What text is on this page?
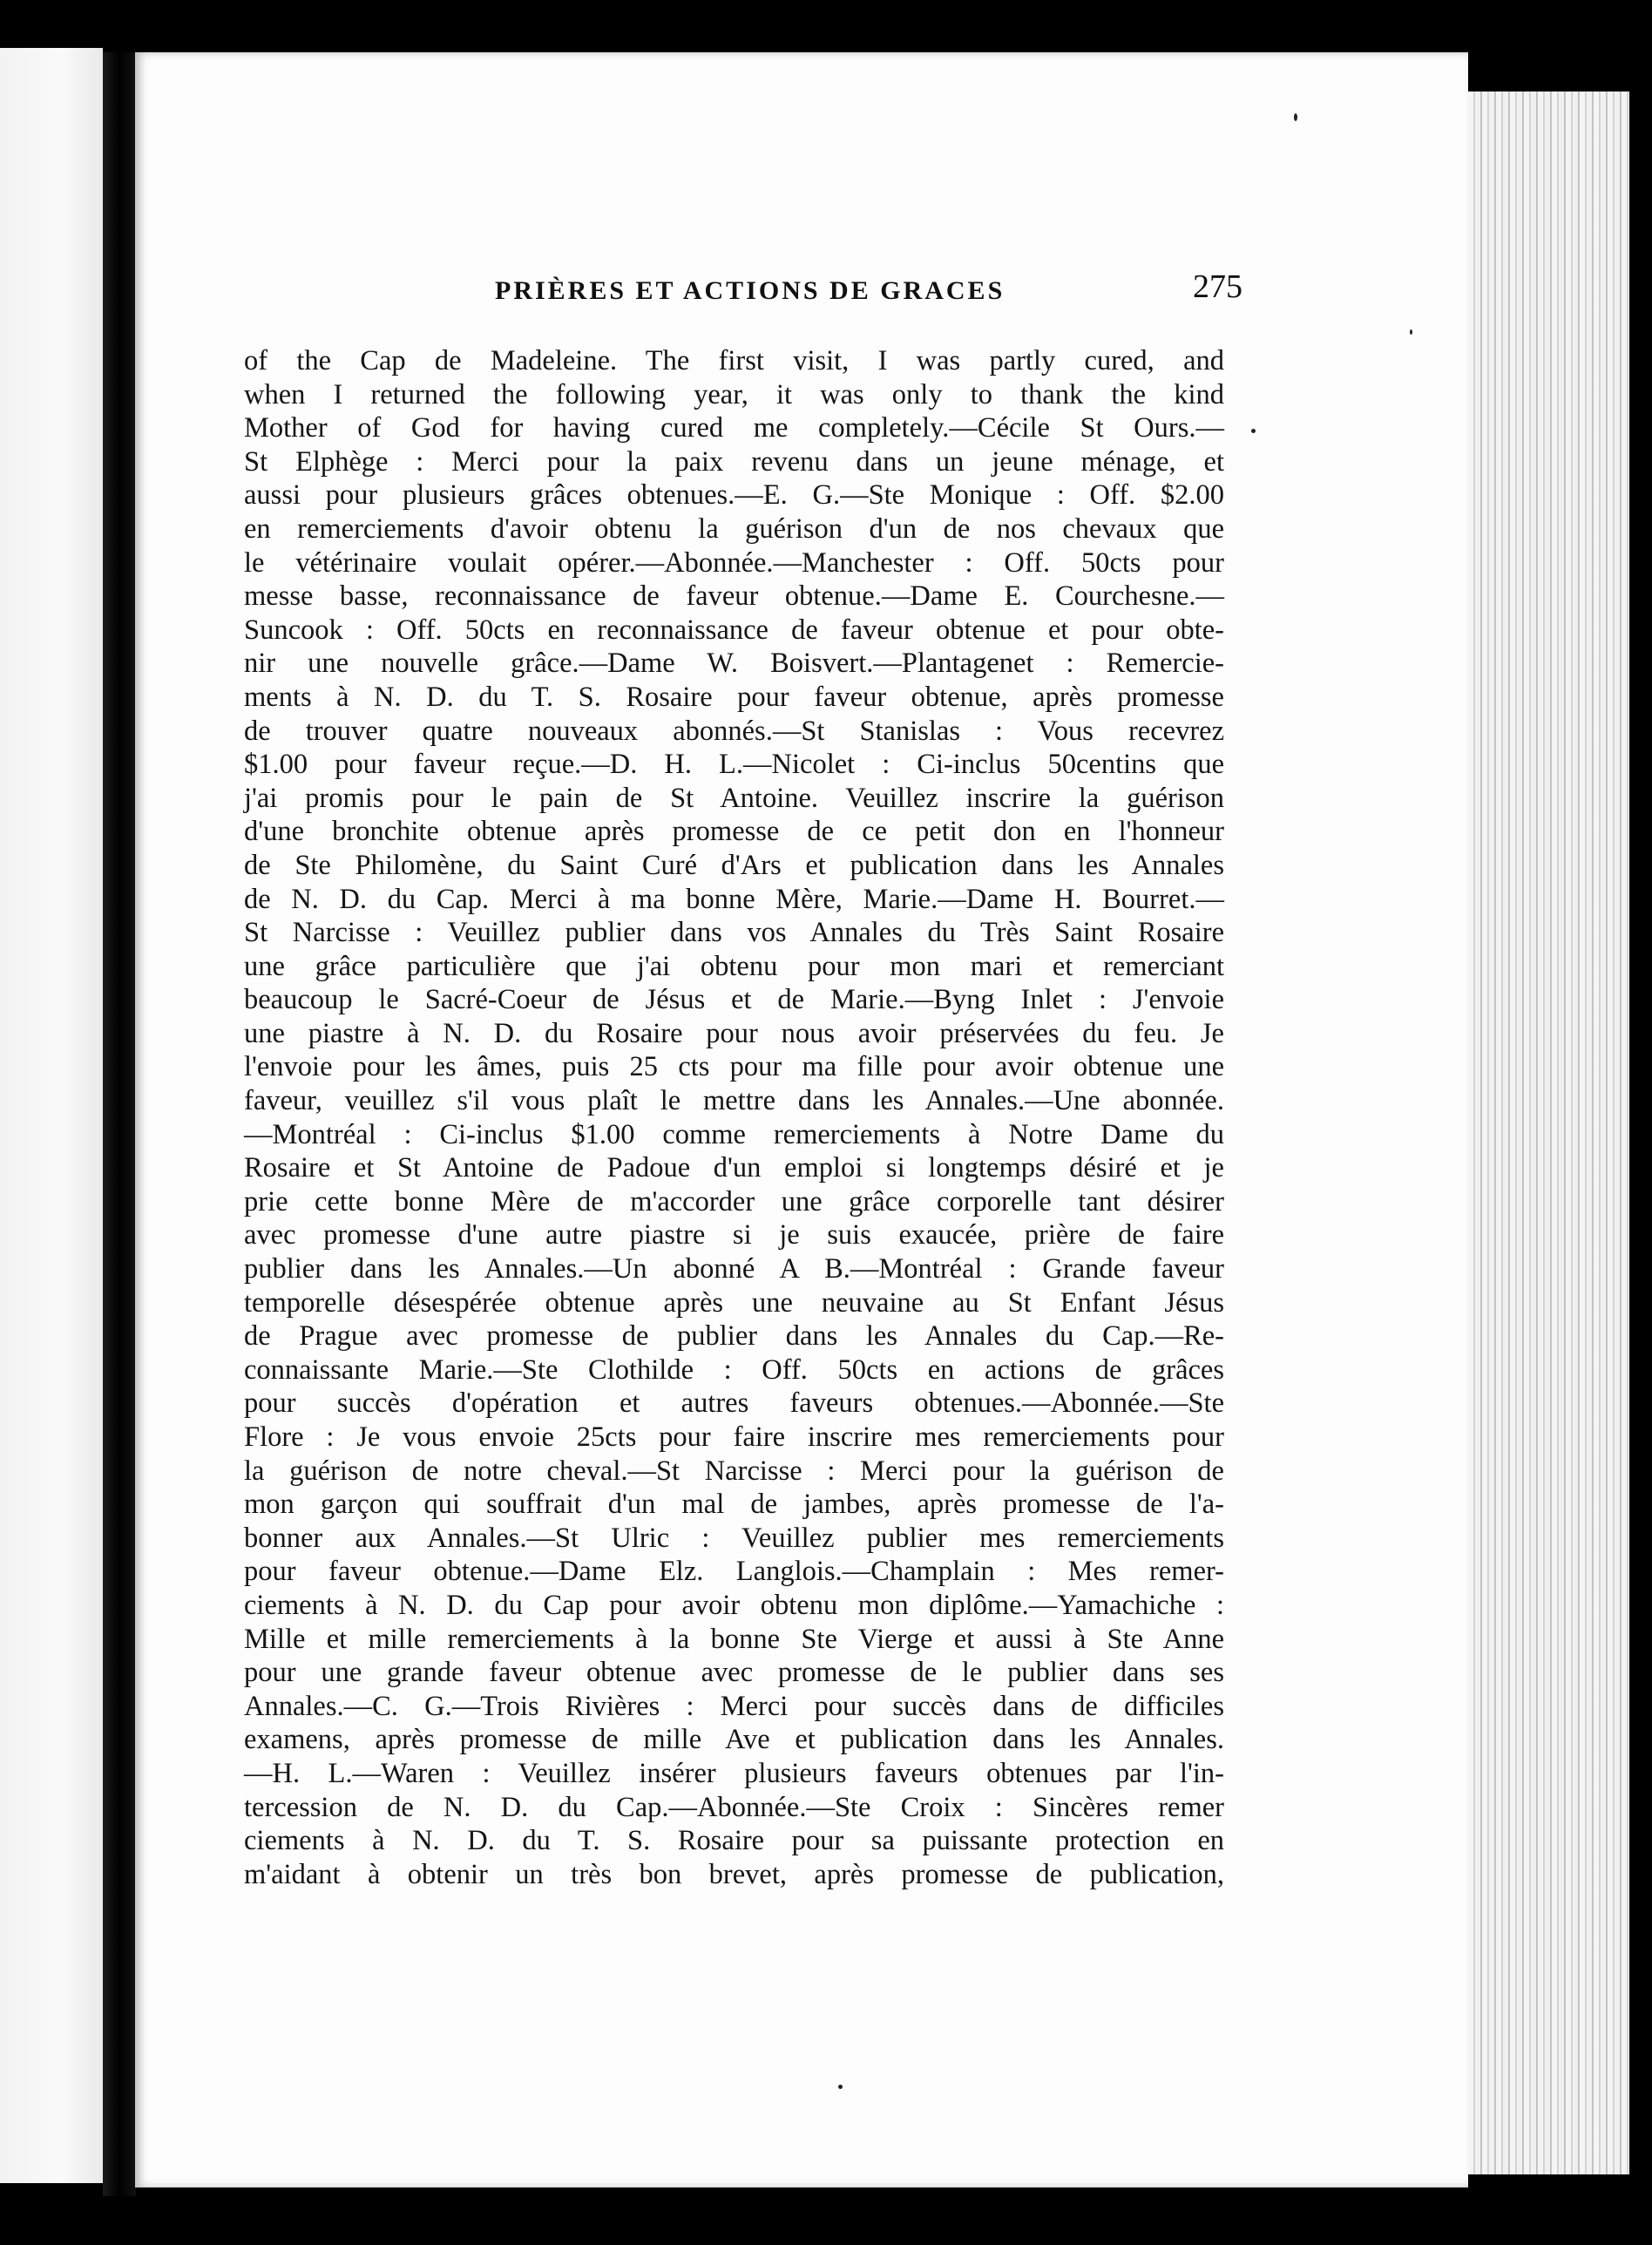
PRIÈRES ET ACTIONS DE GRACES	275
of the Cap de Madeleine. The first visit, I was partly cured, and
when I returned the following year, it was only to thank the kind
Mother of God for having cured me completely.—Cécile St Ours.—
St Elphège : Merci pour la paix revenu dans un jeune ménage, et
aussi pour plusieurs grâces obtenues.—E. G.—Ste Monique : Off. $2.00
en remerciements d'avoir obtenu la guérison d'un de nos chevaux que
le vétérinaire voulait opérer.—Abonnée.—Manchester : Off. 50cts pour
messe basse, reconnaissance de faveur obtenue.—Dame E. Courchesne.—
Suncook : Off. 50cts en reconnaissance de faveur obtenue et pour obte-
nir une nouvelle grâce.—Dame W. Boisvert.—Plantagenet : Remercie-
ments à N. D. du T. S. Rosaire pour faveur obtenue, après promesse
de trouver quatre nouveaux abonnés.—St Stanislas : Vous recevrez
$1.00 pour faveur reçue.—D. H. L.—Nicolet : Ci-inclus 50centins que
j'ai promis pour le pain de St Antoine. Veuillez inscrire la guérison
d'une bronchite obtenue après promesse de ce petit don en l'honneur
de Ste Philomène, du Saint Curé d'Ars et publication dans les Annales
de N. D. du Cap. Merci à ma bonne Mère, Marie.—Dame H. Bourret.—
St Narcisse : Veuillez publier dans vos Annales du Très Saint Rosaire
une grâce particulière que j'ai obtenu pour mon mari et remerciant
beaucoup le Sacré-Coeur de Jésus et de Marie.—Byng Inlet : J'envoie
une piastre à N. D. du Rosaire pour nous avoir préservées du feu. Je
l'envoie pour les âmes, puis 25 cts pour ma fille pour avoir obtenue une
faveur, veuillez s'il vous plaît le mettre dans les Annales.—Une abonnée.
—Montréal : Ci-inclus $1.00 comme remerciements à Notre Dame du
Rosaire et St Antoine de Padoue d'un emploi si longtemps désiré et je
prie cette bonne Mère de m'accorder une grâce corporelle tant désirer
avec promesse d'une autre piastre si je suis exaucée, prière de faire
publier dans les Annales.—Un abonné A B.—Montréal : Grande faveur
temporelle désespérée obtenue après une neuvaine au St Enfant Jésus
de Prague avec promesse de publier dans les Annales du Cap.—Re-
connaissante Marie.—Ste Clothilde : Off. 50cts en actions de grâces
pour succès d'opération et autres faveurs obtenues.—Abonnée.—Ste
Flore : Je vous envoie 25cts pour faire inscrire mes remerciements pour
la guérison de notre cheval.—St Narcisse : Merci pour la guérison de
mon garçon qui souffrait d'un mal de jambes, après promesse de l'a-
bonner aux Annales.—St Ulric : Veuillez publier mes remerciements
pour faveur obtenue.—Dame Elz. Langlois.—Champlain : Mes remer-
ciements à N. D. du Cap pour avoir obtenu mon diplôme.—Yamachiche :
Mille et mille remerciements à la bonne Ste Vierge et aussi à Ste Anne
pour une grande faveur obtenue avec promesse de le publier dans ses
Annales.—C. G.—Trois Rivières : Merci pour succès dans de difficiles
examens, après promesse de mille Ave et publication dans les Annales.
—H. L.—Waren : Veuillez insérer plusieurs faveurs obtenues par l'in-
tercession de N. D. du Cap.—Abonnée.—Ste Croix : Sincères remer
ciements à N. D. du T. S. Rosaire pour sa puissante protection en
m'aidant à obtenir un très bon brevet, après promesse de publication,
